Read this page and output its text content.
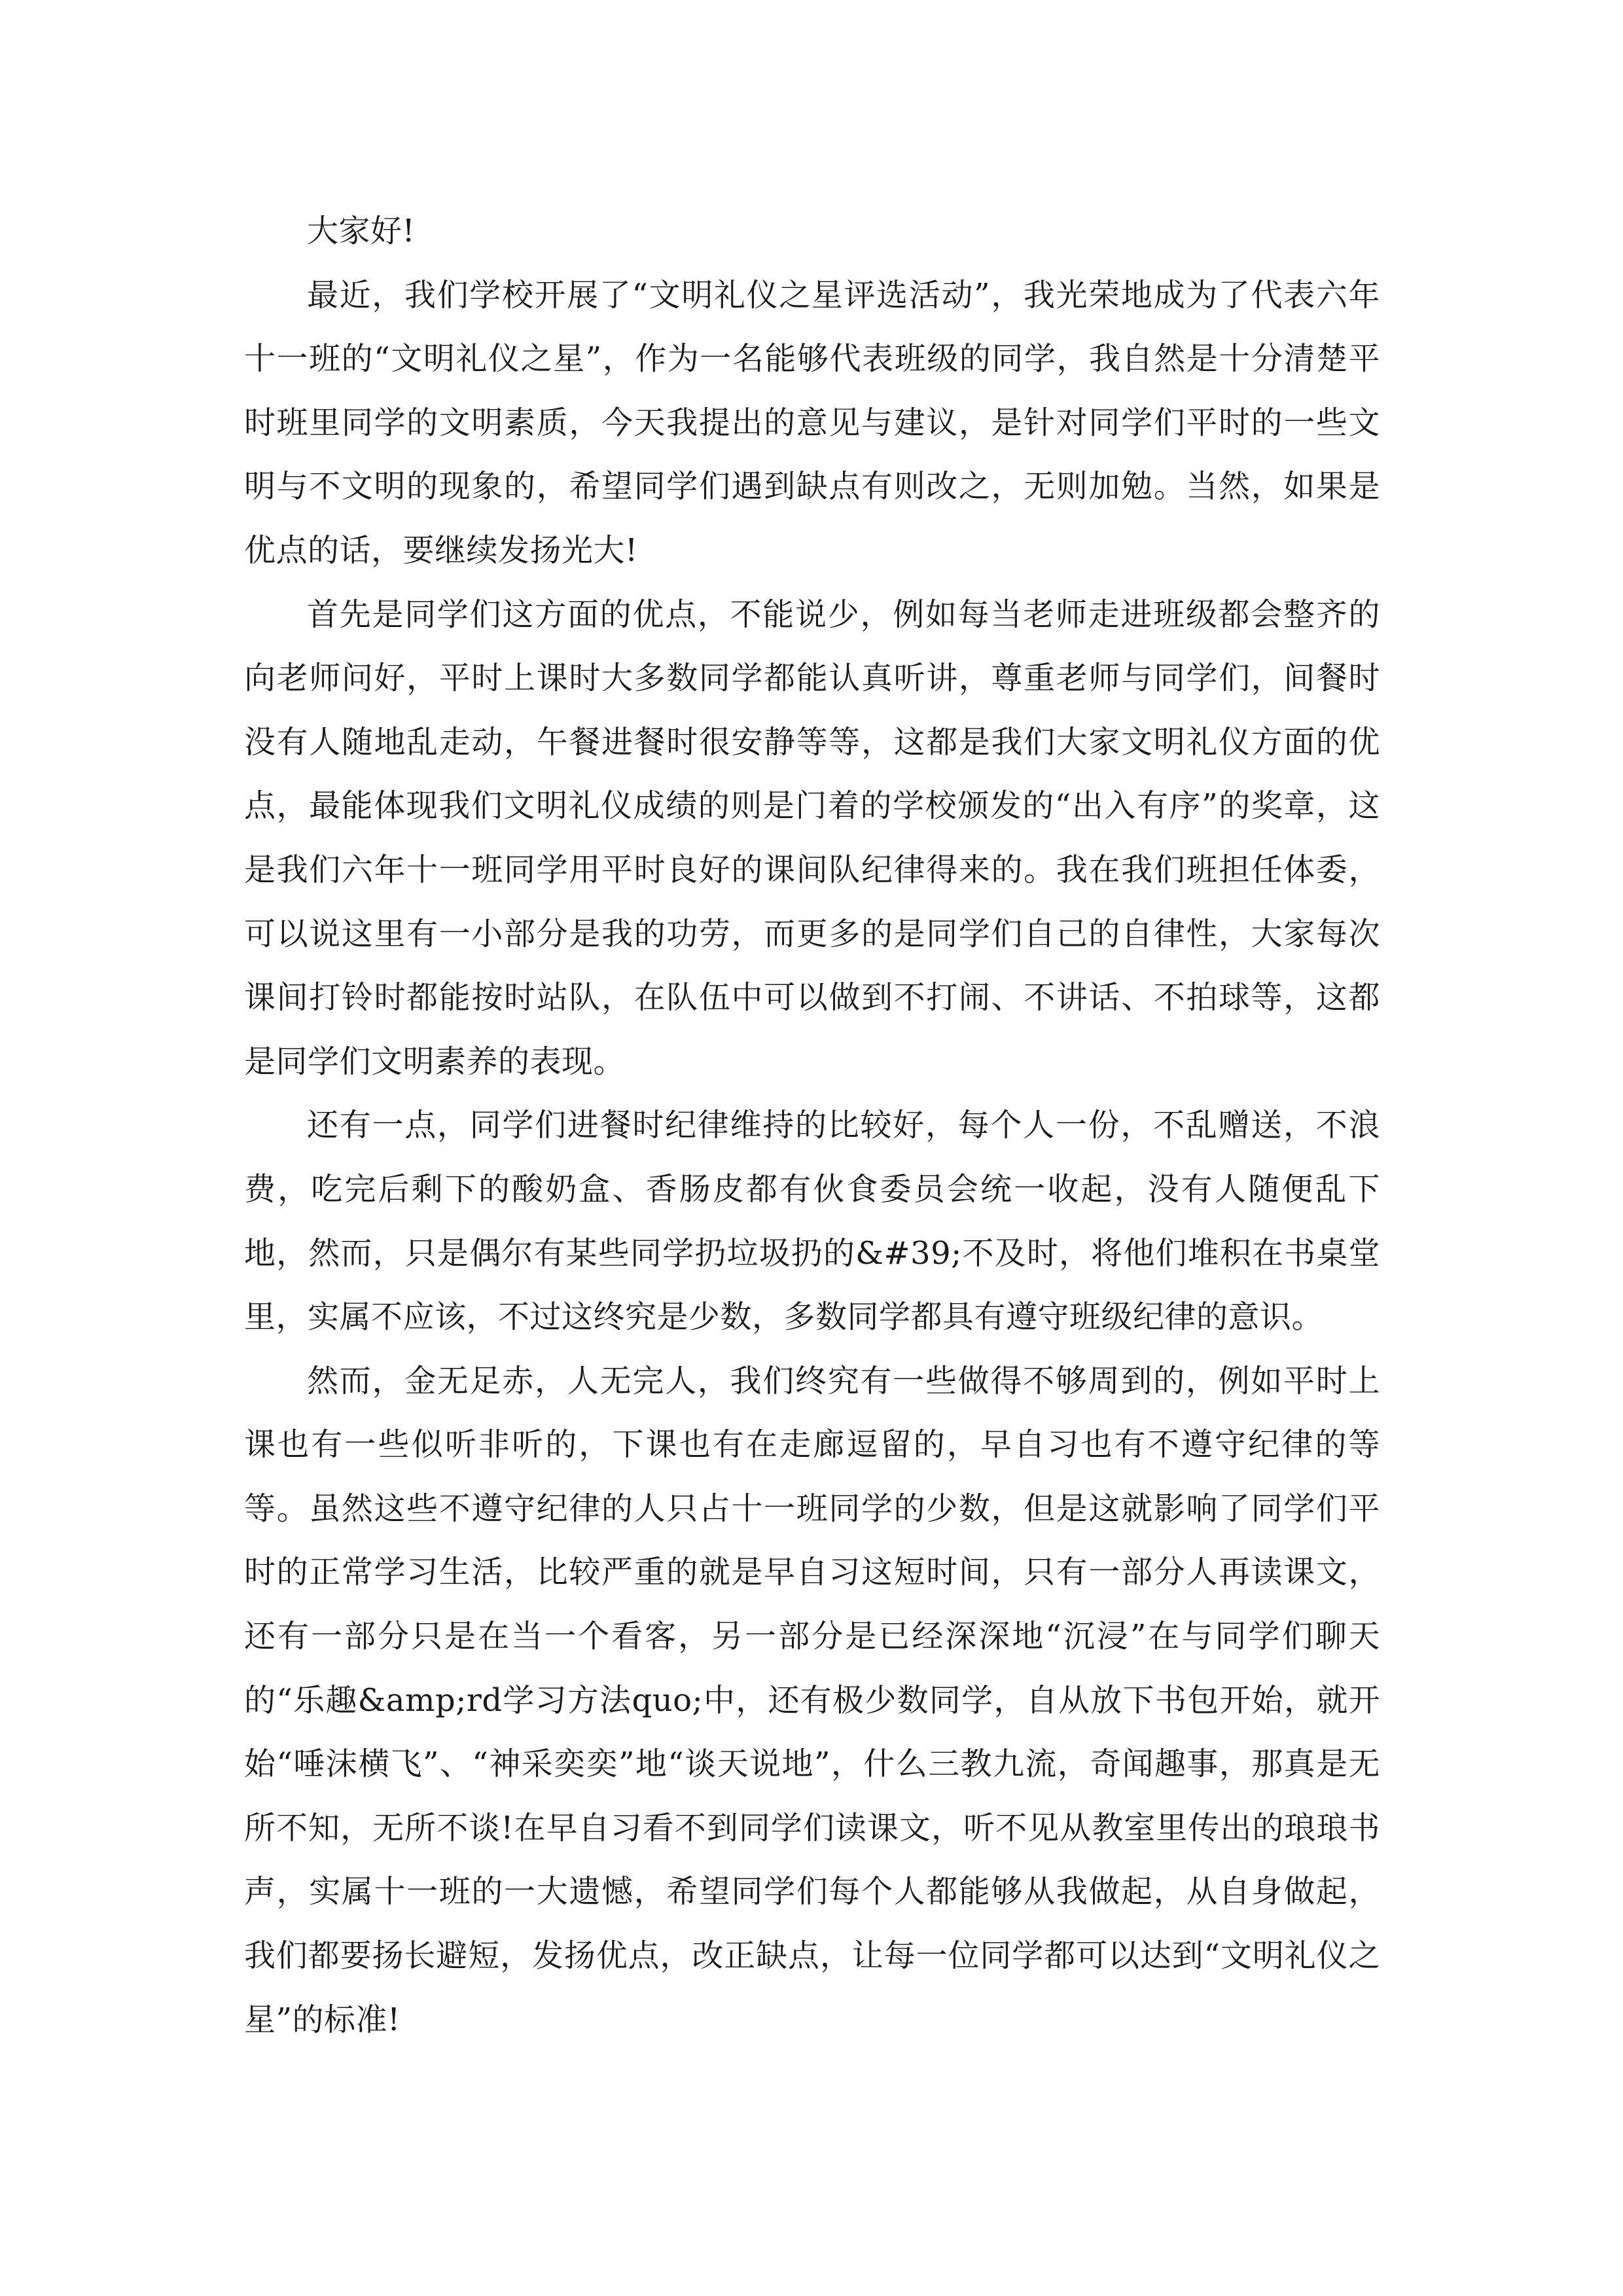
大家好!

最近，我们学校开展了“文明礼仪之星评选活动”，我光荣地成为了代表六年十一班的“文明礼仪之星”，作为一名能够代表班级的同学，我自然是十分清楚平时班里同学的文明素质，今天我提出的意见与建议，是针对同学们平时的一些文明与不文明的现象的，希望同学们遇到缺点有则改之，无则加勉。当然，如果是优点的话，要继续发扬光大!

首先是同学们这方面的优点，不能说少，例如每当老师走进班级都会整齐的向老师问好，平时上课时大多数同学都能认真听讲，尊重老师与同学们，间餐时没有人随地乱走动，午餐进餐时很安静等等，这都是我们大家文明礼仪方面的优点，最能体现我们文明礼仪成绩的则是门着的学校颁发的“出入有序”的奖章，这是我们六年十一班同学用平时良好的课间队纪律得来的。我在我们班担任体委，可以说这里有一小部分是我的功劳，而更多的是同学们自己的自律性，大家每次课间打铃时都能按时站队，在队伍中可以做到不打闹、不讲话、不拍球等，这都是同学们文明素养的表现。

还有一点，同学们进餐时纪律维持的比较好，每个人一份，不乱赠送，不浪费，吃完后剩下的酸奶盒、香肠皮都有伙食委员会统一收起，没有人随便乱下地，然而，只是偶尔有某些同学扔垃圾扔的&#39;不及时，将他们堆积在书桌堂里，实属不应该，不过这终究是少数，多数同学都具有遵守班级纪律的意识。

然而，金无足赤，人无完人，我们终究有一些做得不够周到的，例如平时上课也有一些似听非听的，下课也有在走廊逗留的，早自习也有不遵守纪律的等等。虽然这些不遵守纪律的人只占十一班同学的少数，但是这就影响了同学们平时的正常学习生活，比较严重的就是早自习这短时间，只有一部分人再读课文，还有一部分只是在当一个看客，另一部分是已经深深地“沉浸”在与同学们聊天的“乐趣&amp;rd学习方法quo;中，还有极少数同学，自从放下书包开始，就开始“唾沫横飞”、“神采奕奕”地“谈天说地”，什么三教九流，奇闻趣事，那真是无所不知，无所不谈!在早自习看不到同学们读课文，听不见从教室里传出的琅琅书声，实属十一班的一大遗憾，希望同学们每个人都能够从我做起，从自身做起，我们都要扬长避短，发扬优点，改正缺点，让每一位同学都可以达到“文明礼仪之星”的标准!
